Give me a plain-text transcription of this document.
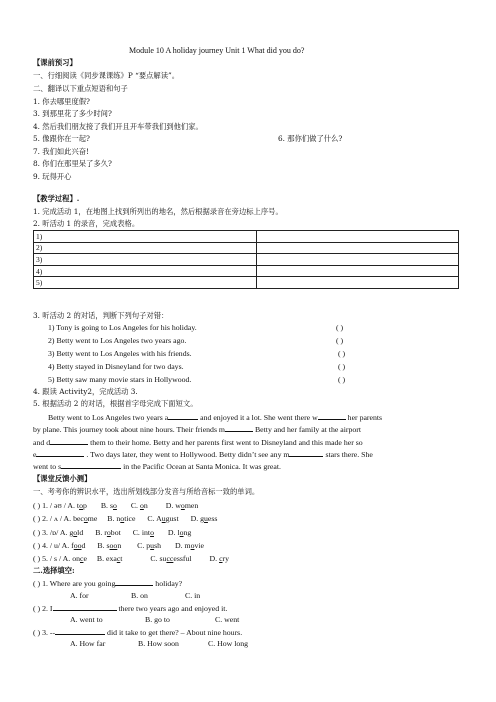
Module 10 A holiday journey Unit 1 What did you do?
【课前预习】
一、行细阅读《同步课课练》P “要点解读”。
二、翻译以下重点短语和句子
1. 你去哪里度假?
3. 到那里花了多少时间?
4. 然后我们朋友接了我们开且开车带我们到他们家。
5. 像跟你在一起?	6. 那你们做了什么?
7. 我们如此兴奋!
8. 你们在那里呆了多久?
9. 玩得开心
【教学过程】.
1. 完成活动 1，在地图上找到所列出的地名，然后根据录音在旁边标上序号。
2. 听活动 1 的录音，完成表格。
1)	
2)	
3)	
4)	
5)	
3. 听活动 2 的对话，判断下列句子对错：
1) Tony is going to Los Angeles for his holiday.	( )
2) Betty went to Los Angeles two years ago.	( )
3) Betty went to Los Angeles with his friends.	( )
4) Betty stayed in Disneyland for two days.	( )
5) Betty saw many movie stars in Hollywood.	( )
4. 跟读 Activity2，完成活动 3.
5. 根据活动 2 的对话，根据首字母完成下面短文。
Betty went to Los Angeles two years a	and enjoyed it a lot. She went there w	her parents
by plane. This journey took about nine hours. Their friends m	Betty and her family at the airport
and d	them to their home. Betty and her parents first went to Disneyland and this made her so
e	. Two days later, they went to Hollywood. Betty didn’t see any m	stars there. She
went to s	in the Pacific Ocean at Santa Monica. It was great.
【课堂反馈小测】
一、考考你的辨识水平，选出所划线部分发音与所给音标一致的单词。
( ) 1. / əʊ / A. top B. so C. on D. women
( ) 2. / ʌ / A. become B. notice C. August D. guess
( ) 3. /ɒ/ A. gold B. robot C. into D. long
( ) 4. / u/ A. food B. soon C. push D. movie
( ) 5. / s / A. once B. exact	C. successful D. cry
二.选择填空:
( ) 1. Where are you going	holiday?
A. for	B. on	C. in
( ) 2. I	there two years ago and enjoyed it.
A. went to	B. go to	C. went
( ) 3. --	did it take to get there? – About nine hours.
A. How far	B. How soon	C. How long
